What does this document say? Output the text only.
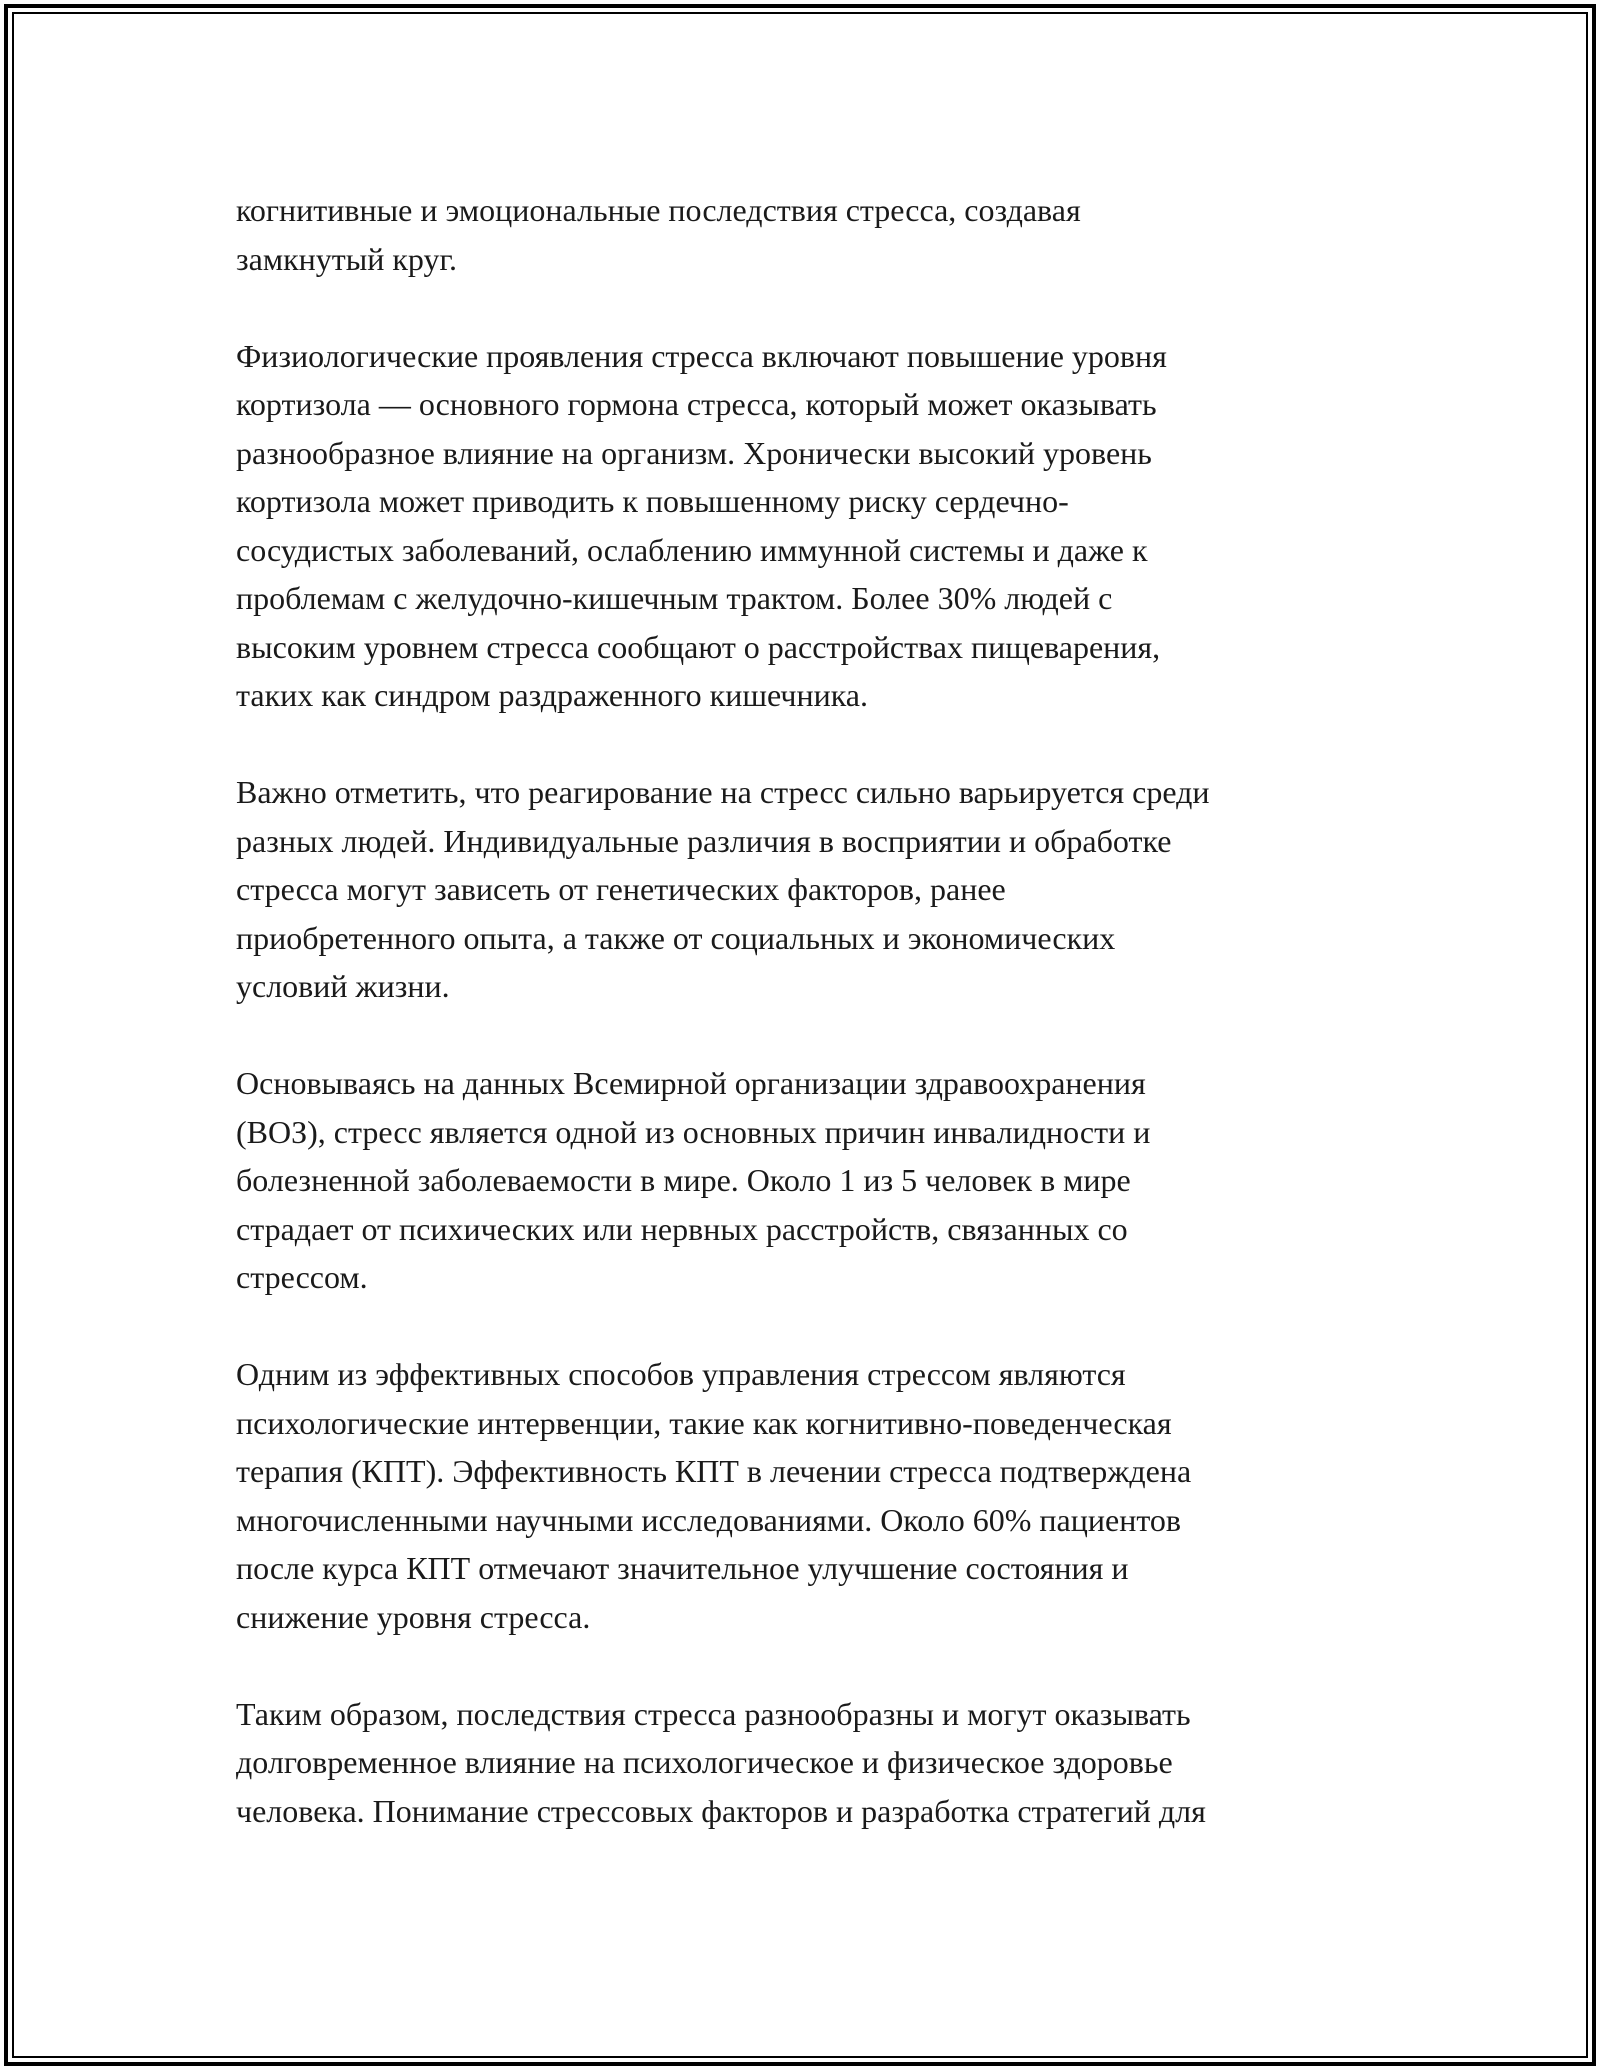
когнитивные и эмоциональные последствия стресса, создавая
замкнутый круг.

Физиологические проявления стресса включают повышение уровня
кортизола — основного гормона стресса, который может оказывать
разнообразное влияние на организм. Хронически высокий уровень
кортизола может приводить к повышенному риску сердечно-
сосудистых заболеваний, ослаблению иммунной системы и даже к
проблемам с желудочно-кишечным трактом. Более 30% людей с
высоким уровнем стресса сообщают о расстройствах пищеварения,
таких как синдром раздраженного кишечника.

Важно отметить, что реагирование на стресс сильно варьируется среди
разных людей. Индивидуальные различия в восприятии и обработке
стресса могут зависеть от генетических факторов, ранее
приобретенного опыта, а также от социальных и экономических
условий жизни.

Основываясь на данных Всемирной организации здравоохранения
(ВОЗ), стресс является одной из основных причин инвалидности и
болезненной заболеваемости в мире. Около 1 из 5 человек в мире
страдает от психических или нервных расстройств, связанных со
стрессом.

Одним из эффективных способов управления стрессом являются
психологические интервенции, такие как когнитивно-поведенческая
терапия (КПТ). Эффективность КПТ в лечении стресса подтверждена
многочисленными научными исследованиями. Около 60% пациентов
после курса КПТ отмечают значительное улучшение состояния и
снижение уровня стресса.

Таким образом, последствия стресса разнообразны и могут оказывать
долговременное влияние на психологическое и физическое здоровье
человека. Понимание стрессовых факторов и разработка стратегий для
